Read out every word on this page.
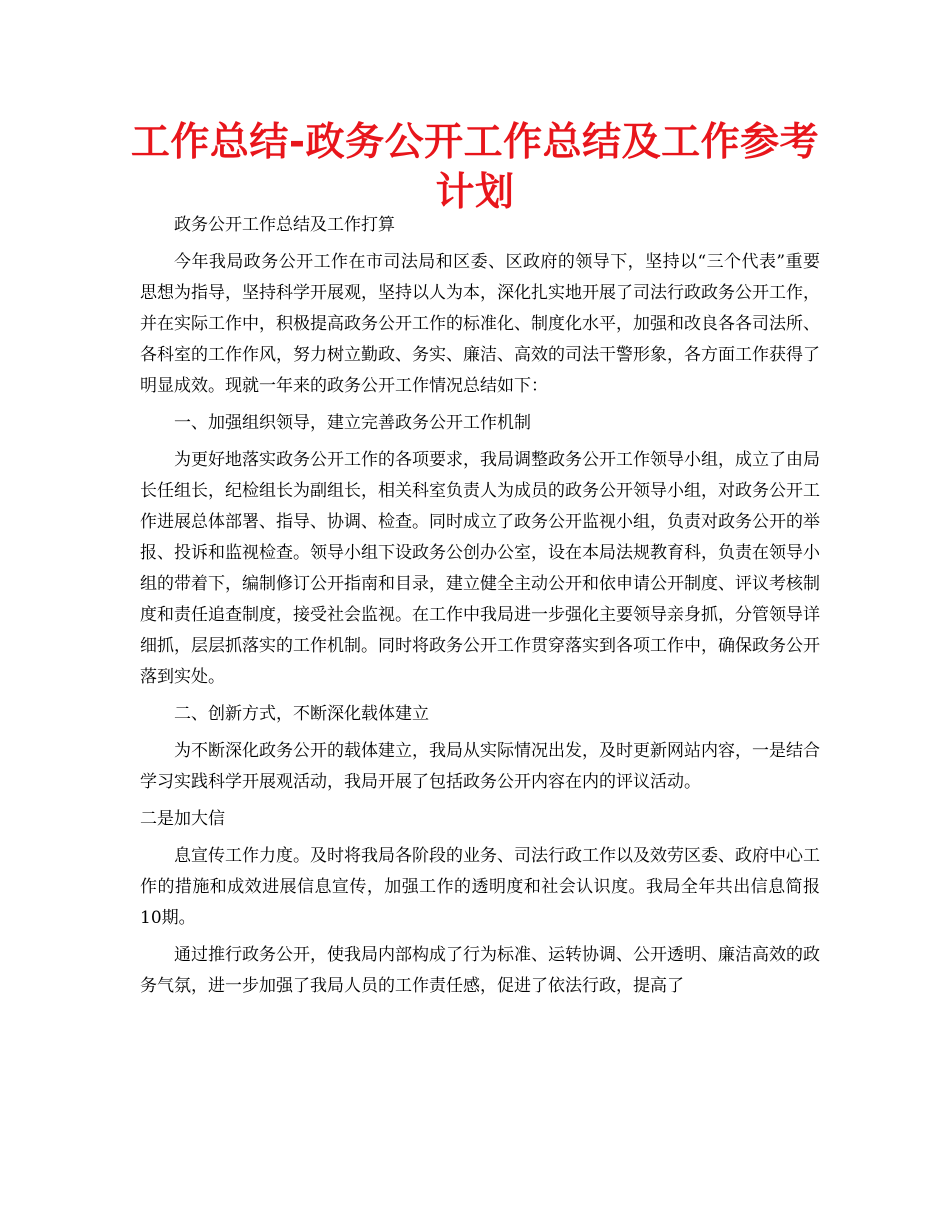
工作总结-政务公开工作总结及工作参考计划

政务公开工作总结及工作打算

今年我局政务公开工作在市司法局和区委、区政府的领导下，坚持以“三个代表”重要思想为指导，坚持科学开展观，坚持以人为本，深化扎实地开展了司法行政政务公开工作，并在实际工作中，积极提高政务公开工作的标准化、制度化水平，加强和改良各各司法所、各科室的工作作风，努力树立勤政、务实、廉洁、高效的司法干警形象，各方面工作获得了明显成效。现就一年来的政务公开工作情况总结如下：

一、加强组织领导，建立完善政务公开工作机制

为更好地落实政务公开工作的各项要求，我局调整政务公开工作领导小组，成立了由局长任组长，纪检组长为副组长，相关科室负责人为成员的政务公开领导小组，对政务公开工作进展总体部署、指导、协调、检查。同时成立了政务公开监视小组，负责对政务公开的举报、投诉和监视检查。领导小组下设政务公创办公室，设在本局法规教育科，负责在领导小组的带着下，编制修订公开指南和目录，建立健全主动公开和依申请公开制度、评议考核制度和责任追查制度，接受社会监视。在工作中我局进一步强化主要领导亲身抓，分管领导详细抓，层层抓落实的工作机制。同时将政务公开工作贯穿落实到各项工作中，确保政务公开落到实处。

二、创新方式，不断深化载体建立

为不断深化政务公开的载体建立，我局从实际情况出发，及时更新网站内容，一是结合学习实践科学开展观活动，我局开展了包括政务公开内容在内的评议活动。

二是加大信

息宣传工作力度。及时将我局各阶段的业务、司法行政工作以及效劳区委、政府中心工作的措施和成效进展信息宣传，加强工作的透明度和社会认识度。我局全年共出信息简报10期。

通过推行政务公开，使我局内部构成了行为标准、运转协调、公开透明、廉洁高效的政务气氛，进一步加强了我局人员的工作责任感，促进了依法行政，提高了
